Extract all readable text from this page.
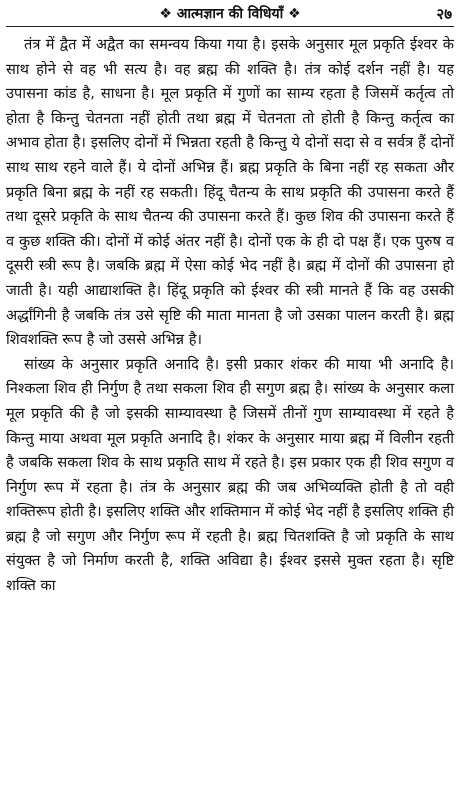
❖ आत्मज्ञान की विधियाँ ❖	२७

तंत्र में द्वैत में अद्वैत का समन्वय किया गया है। इसके अनुसार मूल प्रकृति ईश्वर के साथ होने से वह भी सत्य है। वह ब्रह्म की शक्ति है। तंत्र कोई दर्शन नहीं है। यह उपासना कांड है, साधना है। मूल प्रकृति में गुणों का साम्य रहता है जिसमें कर्तृत्व तो होता है किन्तु चेतनता नहीं होती तथा ब्रह्म में चेतनता तो होती है किन्तु कर्तृत्व का अभाव होता है। इसलिए दोनों में भिन्नता रहती है किन्तु ये दोनों सदा से व सर्वत्र हैं दोनों साथ साथ रहने वाले हैं। ये दोनों अभिन्न हैं। ब्रह्म प्रकृति के बिना नहीं रह सकता और प्रकृति बिना ब्रह्म के नहीं रह सकती। हिंदू चैतन्य के साथ प्रकृति की उपासना करते हैं तथा दूसरे प्रकृति के साथ चैतन्य की उपासना करते हैं। कुछ शिव की उपासना करते हैं व कुछ शक्ति की। दोनों में कोई अंतर नहीं है। दोनों एक के ही दो पक्ष हैं। एक पुरुष व दूसरी स्त्री रूप है। जबकि ब्रह्म में ऐसा कोई भेद नहीं है। ब्रह्म में दोनों की उपासना हो जाती है। यही आद्याशक्ति है। हिंदू प्रकृति को ईश्वर की स्त्री मानते हैं कि वह उसकी अर्द्धांगिनी है जबकि तंत्र उसे सृष्टि की माता मानता है जो उसका पालन करती है। ब्रह्म शिवशक्ति रूप है जो उससे अभिन्न है।

सांख्य के अनुसार प्रकृति अनादि है। इसी प्रकार शंकर की माया भी अनादि है। निश्कला शिव ही निर्गुण है तथा सकला शिव ही सगुण ब्रह्म है। सांख्य के अनुसार कला मूल प्रकृति की है जो इसकी साम्यावस्था है जिसमें तीनों गुण साम्यावस्था में रहते है किन्तु माया अथवा मूल प्रकृति अनादि है। शंकर के अनुसार माया ब्रह्म में विलीन रहती है जबकि सकला शिव के साथ प्रकृति साथ में रहते है। इस प्रकार एक ही शिव सगुण व निर्गुण रूप में रहता है। तंत्र के अनुसार ब्रह्म की जब अभिव्यक्ति होती है तो वही शक्तिरूप होती है। इसलिए शक्ति और शक्तिमान में कोई भेद नहीं है इसलिए शक्ति ही ब्रह्म है जो सगुण और निर्गुण रूप में रहती है। ब्रह्म चितशक्ति है जो प्रकृति के साथ संयुक्त है जो निर्माण करती है, शक्ति अविद्या है। ईश्वर इससे मुक्त रहता है। सृष्टि शक्ति का
